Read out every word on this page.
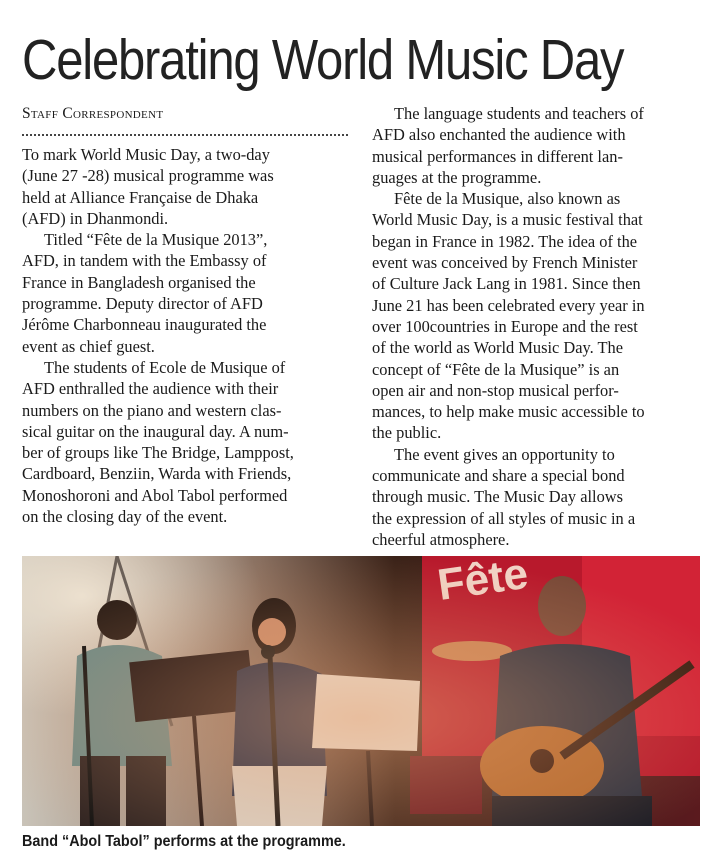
Celebrating World Music Day
Staff Correspondent

To mark World Music Day, a two-day
(June 27 -28) musical programme was
held at Alliance Française de Dhaka
(AFD) in Dhanmondi.

Titled “Fête de la Musique 2013”,
AFD, in tandem with the Embassy of
France in Bangladesh organised the
programme. Deputy director of AFD
Jérôme Charbonneau inaugurated the
event as chief guest.

The students of Ecole de Musique of
AFD enthralled the audience with their
numbers on the piano and western clas-
sical guitar on the inaugural day. A num-
ber of groups like The Bridge, Lamppost,
Cardboard, Benziin, Warda with Friends,
Monoshoroni and Abol Tabol performed
on the closing day of the event.

The language students and teachers of
AFD also enchanted the audience with
musical performances in different lan-
guages at the programme.

Fête de la Musique, also known as
World Music Day, is a music festival that
began in France in 1982. The idea of the
event was conceived by French Minister
of Culture Jack Lang in 1981. Since then
June 21 has been celebrated every year in
over 100countries in Europe and the rest
of the world as World Music Day. The
concept of “Fête de la Musique” is an
open air and non-stop musical perfor-
mances, to help make music accessible to
the public.

The event gives an opportunity to
communicate and share a special bond
through music. The Music Day allows
the expression of all styles of music in a
cheerful atmosphere.

Band “Abol Tabol” performs at the programme.
